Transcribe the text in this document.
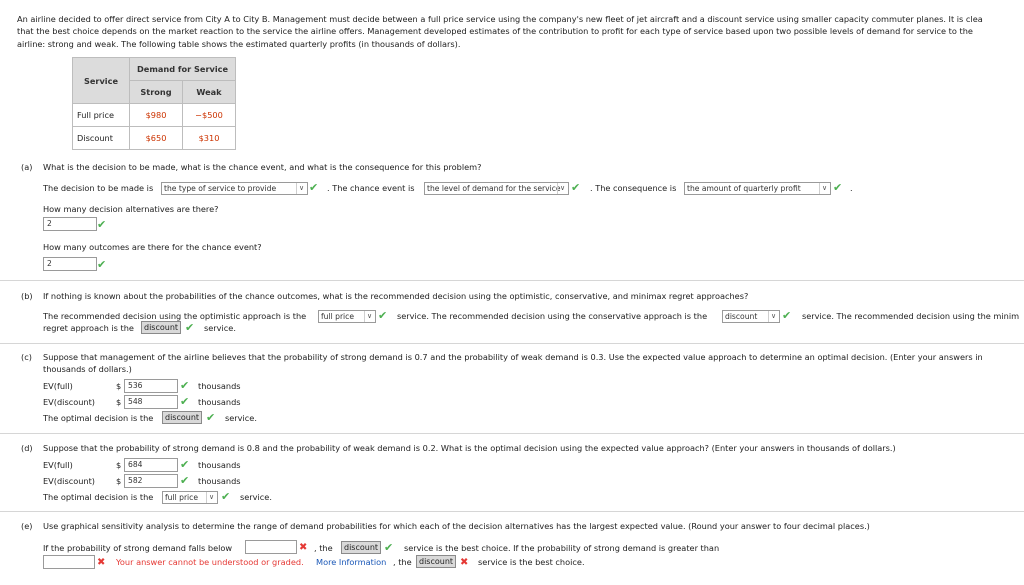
An airline decided to offer direct service from City A to City B. Management must decide between a full price service using the company's new fleet of jet aircraft and a discount service using smaller capacity commuter planes. It is clea
that the best choice depends on the market reaction to the service the airline offers. Management developed estimates of the contribution to profit for each type of service based upon two possible levels of demand for service to the
airline: strong and weak. The following table shows the estimated quarterly profits (in thousands of dollars).
Service	Demand for Service	
	Strong	Weak
Full price	$980	−$500
Discount	$650	$310
(a) What is the decision to be made, what is the chance event, and what is the consequence for this problem?
The decision to be made is	the type of service to provide	∨ ✔ . The chance event is	the level of demand for the service ∨ ✔ . The consequence is	the amount of quarterly profit	∨ ✔ .
How many decision alternatives are there?
2	✔
How many outcomes are there for the chance event?
2	✔
(b) If nothing is known about the probabilities of the chance outcomes, what is the recommended decision using the optimistic, conservative, and minimax regret approaches?
The recommended decision using the optimistic approach is the	full price	∨ ✔ service. The recommended decision using the conservative approach is the	discount	∨ ✔ service. The recommended decision using the minim
regret approach is the	discount ✔ service.
(c) Suppose that management of the airline believes that the probability of strong demand is 0.7 and the probability of weak demand is 0.3. Use the expected value approach to determine an optimal decision. (Enter your answers in
thousands of dollars.)
EV(full)	$ 536	✔ thousands
EV(discount)	$ 548	✔ thousands
The optimal decision is the	discount ✔ service.
(d) Suppose that the probability of strong demand is 0.8 and the probability of weak demand is 0.2. What is the optimal decision using the expected value approach? (Enter your answers in thousands of dollars.)
EV(full)	$ 684	✔ thousands
EV(discount)	$ 582	✔ thousands
The optimal decision is the	full price	∨ ✔ service.
(e) Use graphical sensitivity analysis to determine the range of demand probabilities for which each of the decision alternatives has the largest expected value. (Round your answer to four decimal places.)
If the probability of strong demand falls below	✖ , the	discount ✔ service is the best choice. If the probability of strong demand is greater than
✖ Your answer cannot be understood or graded. More Information , the discount ✖ service is the best choice.
